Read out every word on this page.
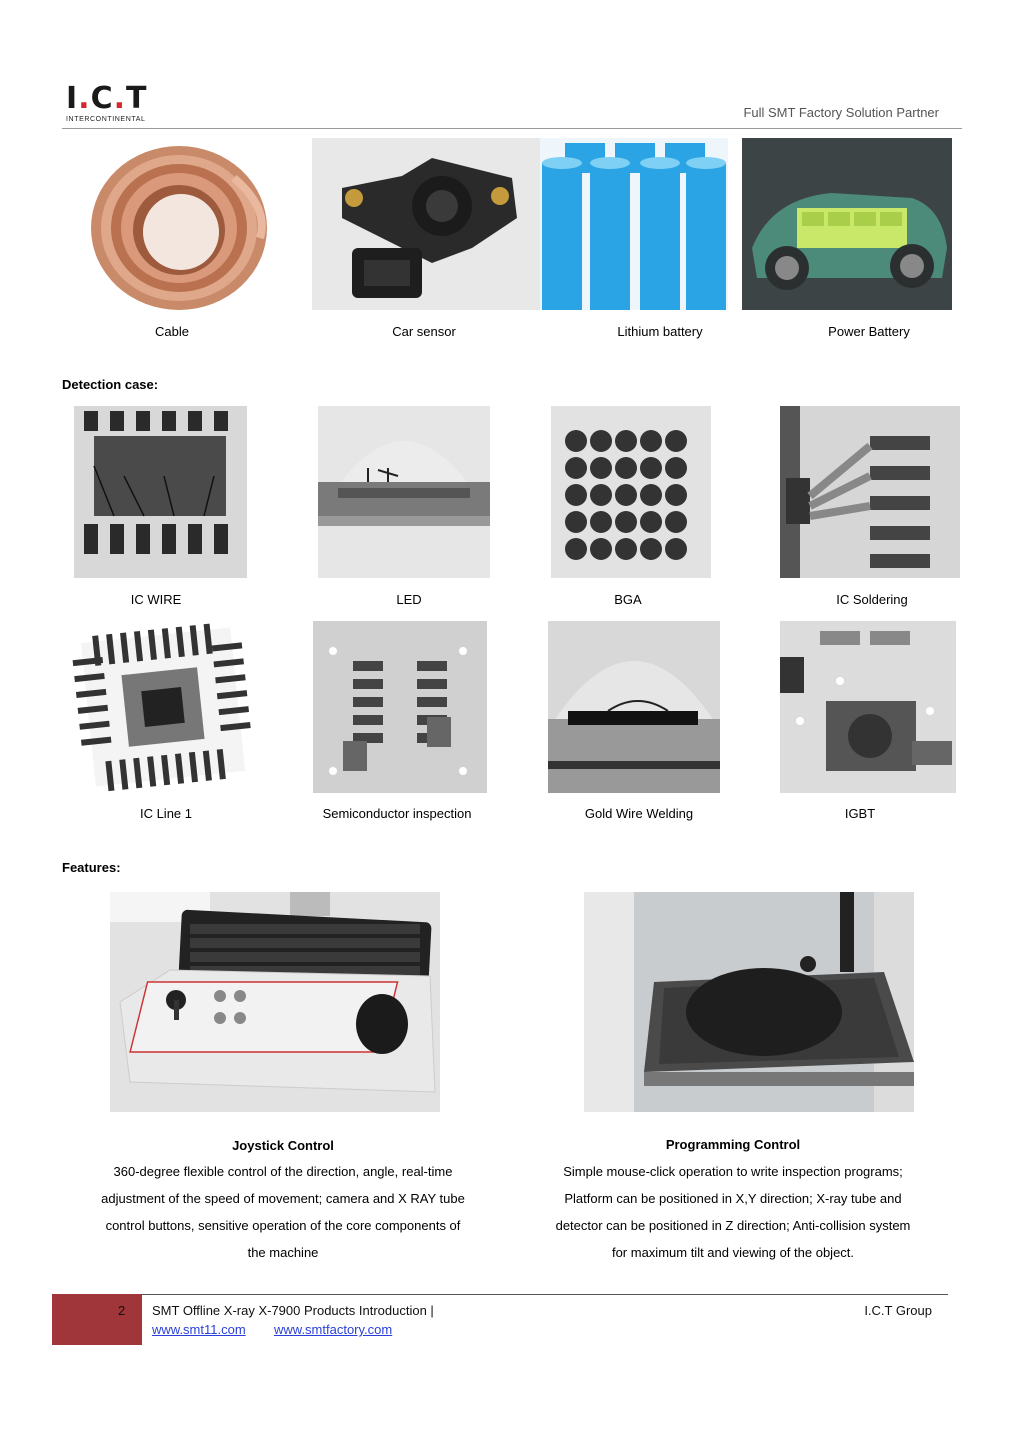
I.C.T
INTERCONTINENTAL	Full SMT Factory Solution Partner
Cable	Car sensor	Lithium battery	Power Battery
Detection case:
IC WIRE	LED	BGA	IC Soldering
IC Line 1	Semiconductor inspection	Gold Wire Welding	IGBT
Features:
Joystick Control
360-degree flexible control of the direction, angle, real-time
adjustment of the speed of movement; camera and X RAY tube
control buttons, sensitive operation of the core components of
the machine
Programming Control
Simple mouse-click operation to write inspection programs;
Platform can be positioned in X,Y direction; X-ray tube and
detector can be positioned in Z direction; Anti-collision system
for maximum tilt and viewing of the object.
2 SMT Offline X-ray X-7900 Products Introduction |	I.C.T Group
www.smt11.com www.smtfactory.com
